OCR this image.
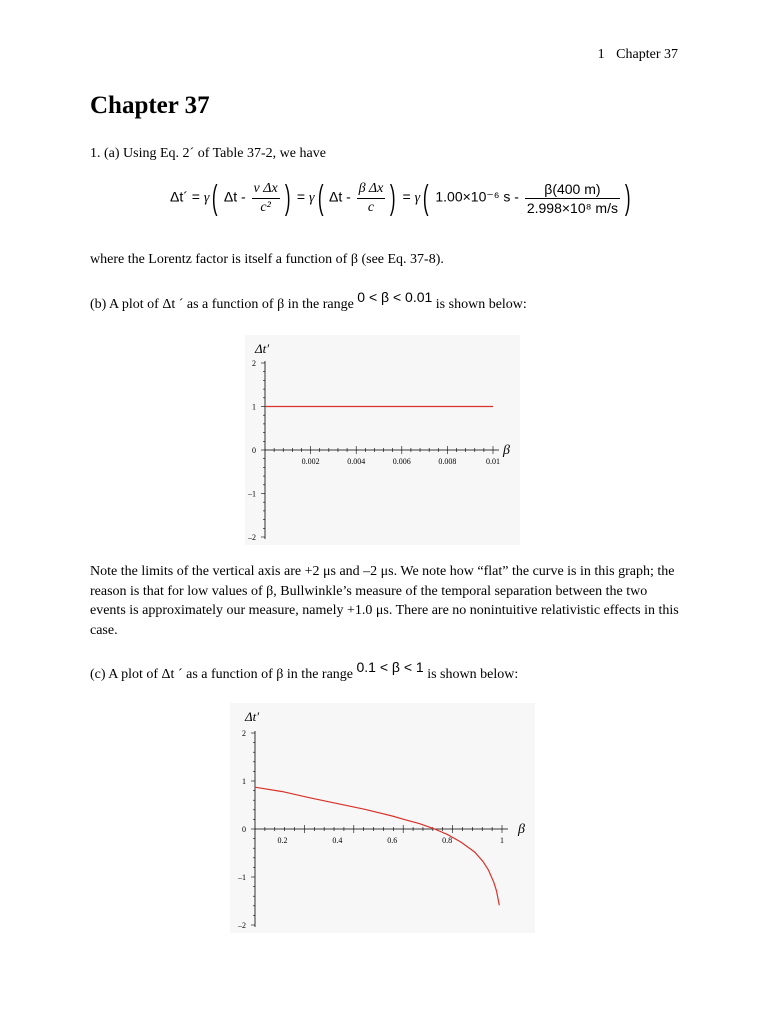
1 Chapter 37
Chapter 37
1. (a) Using Eq. 2´ of Table 37-2, we have
Δt´ = γ( Δt - $\frac{\text{v Δx}}{\text{c²}}$ ) = γ( Δt - $\frac{\text{β Δx}}{c}$ ) = γ( 1.00×10⁻⁶ s - $\frac{\beta(400 m)}{\text{2.998×10⁸ m/s}}$ )
where the Lorentz factor is itself a function of β (see Eq. 37-8).
(b) A plot of Δt ´ as a function of β in the range 0 < β < 0.01 is shown below:
0.002	0.004	0.006	0.008	0.01
2
1
0
–1
–2
β
Δt′
Note the limits of the vertical axis are +2 μs and –2 μs. We note how “flat” the curve is in this graph; the reason is that for low values of β, Bullwinkle’s measure of the temporal separation between the two events is approximately our measure, namely +1.0 μs. There are no nonintuitive relativistic effects in this case.
(c) A plot of Δt ´ as a function of β in the range 0.1 < β < 1 is shown below:
0.2	0.4	0.6	0.8	1
2
1
0
–1
–2
β
Δt′
